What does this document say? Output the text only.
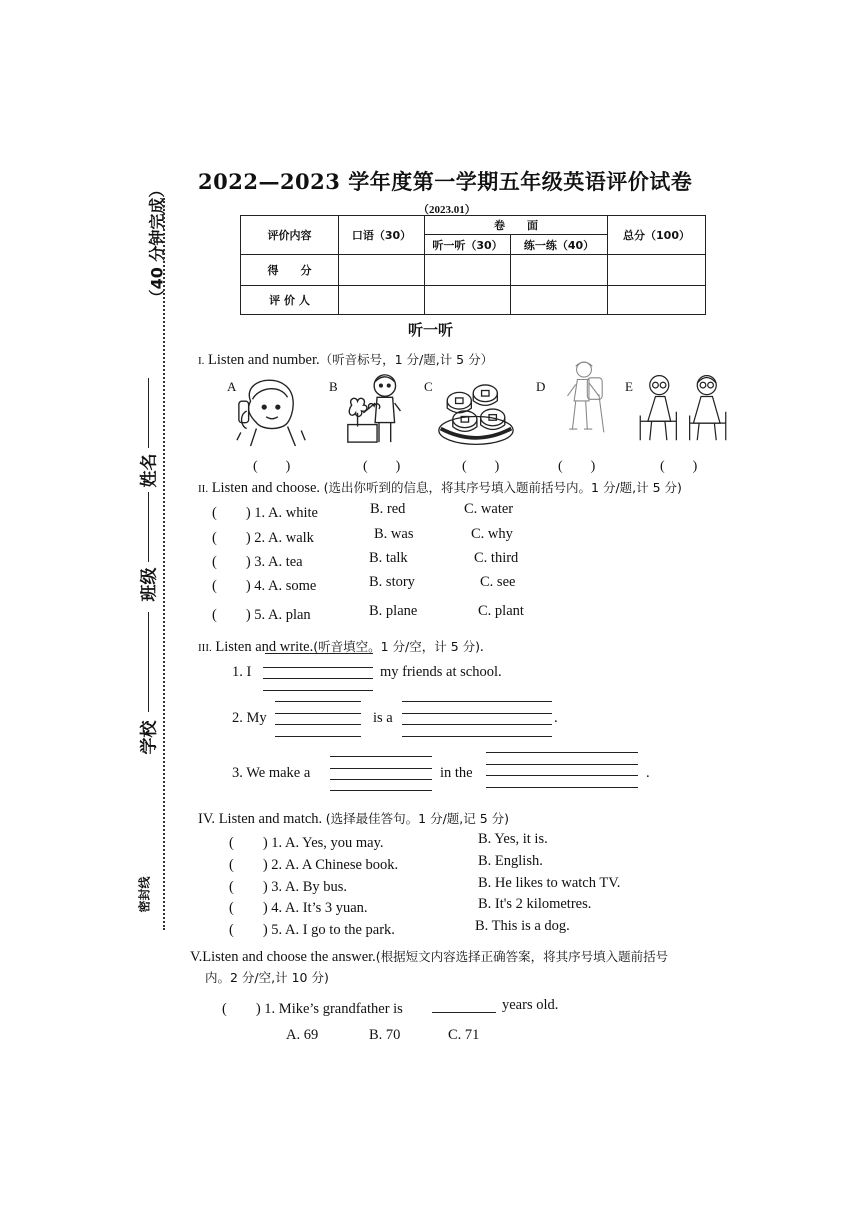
（40 分钟完成）
姓名
班级
学校
密封线
2022—2023 学年度第一学期五年级英语评价试卷
（2023.01）
评价内容	口语（30）	卷　　面		总分（100）
		听一听（30）	练一练（40）	
得　　分				
评 价 人				
听一听
I. Listen and number.（听音标号，1 分/题,计 5 分）
A	B	C	D	E
(　　)	(　　)	(　　)	(　　)	(　　)
II. Listen and choose. (选出你听到的信息，将其序号填入题前括号内。1 分/题,计 5 分)
(　　) 1. A. white	B. red	C. water
(　　) 2. A. walk	B. was	C. why
(　　) 3. A. tea	B. talk	C. third
(　　) 4. A. some	B. story	C. see
(　　) 5. A. plan	B. plane	C. plant
III. Listen and write.(听音填空。1 分/空，计 5 分).
1. I	my friends at school.
2. My	is a	.
3. We make a	in the	.
IV. Listen and match. (选择最佳答句。1 分/题,记 5 分)
(　　) 1. A. Yes, you may.	B. Yes, it is.
(　　) 2. A. A Chinese book.	B. English.
(　　) 3. A. By bus.	B. He likes to watch TV.
(　　) 4. A. It’s 3 yuan.	B. It's 2 kilometres.
(　　) 5. A. I go to the park.	B. This is a dog.
V.Listen and choose the answer.(根据短文内容选择正确答案，将其序号填入题前括号
内。2 分/空,计 10 分)
(　　) 1. Mike’s grandfather is	years old.
A. 69	B. 70	C. 71
